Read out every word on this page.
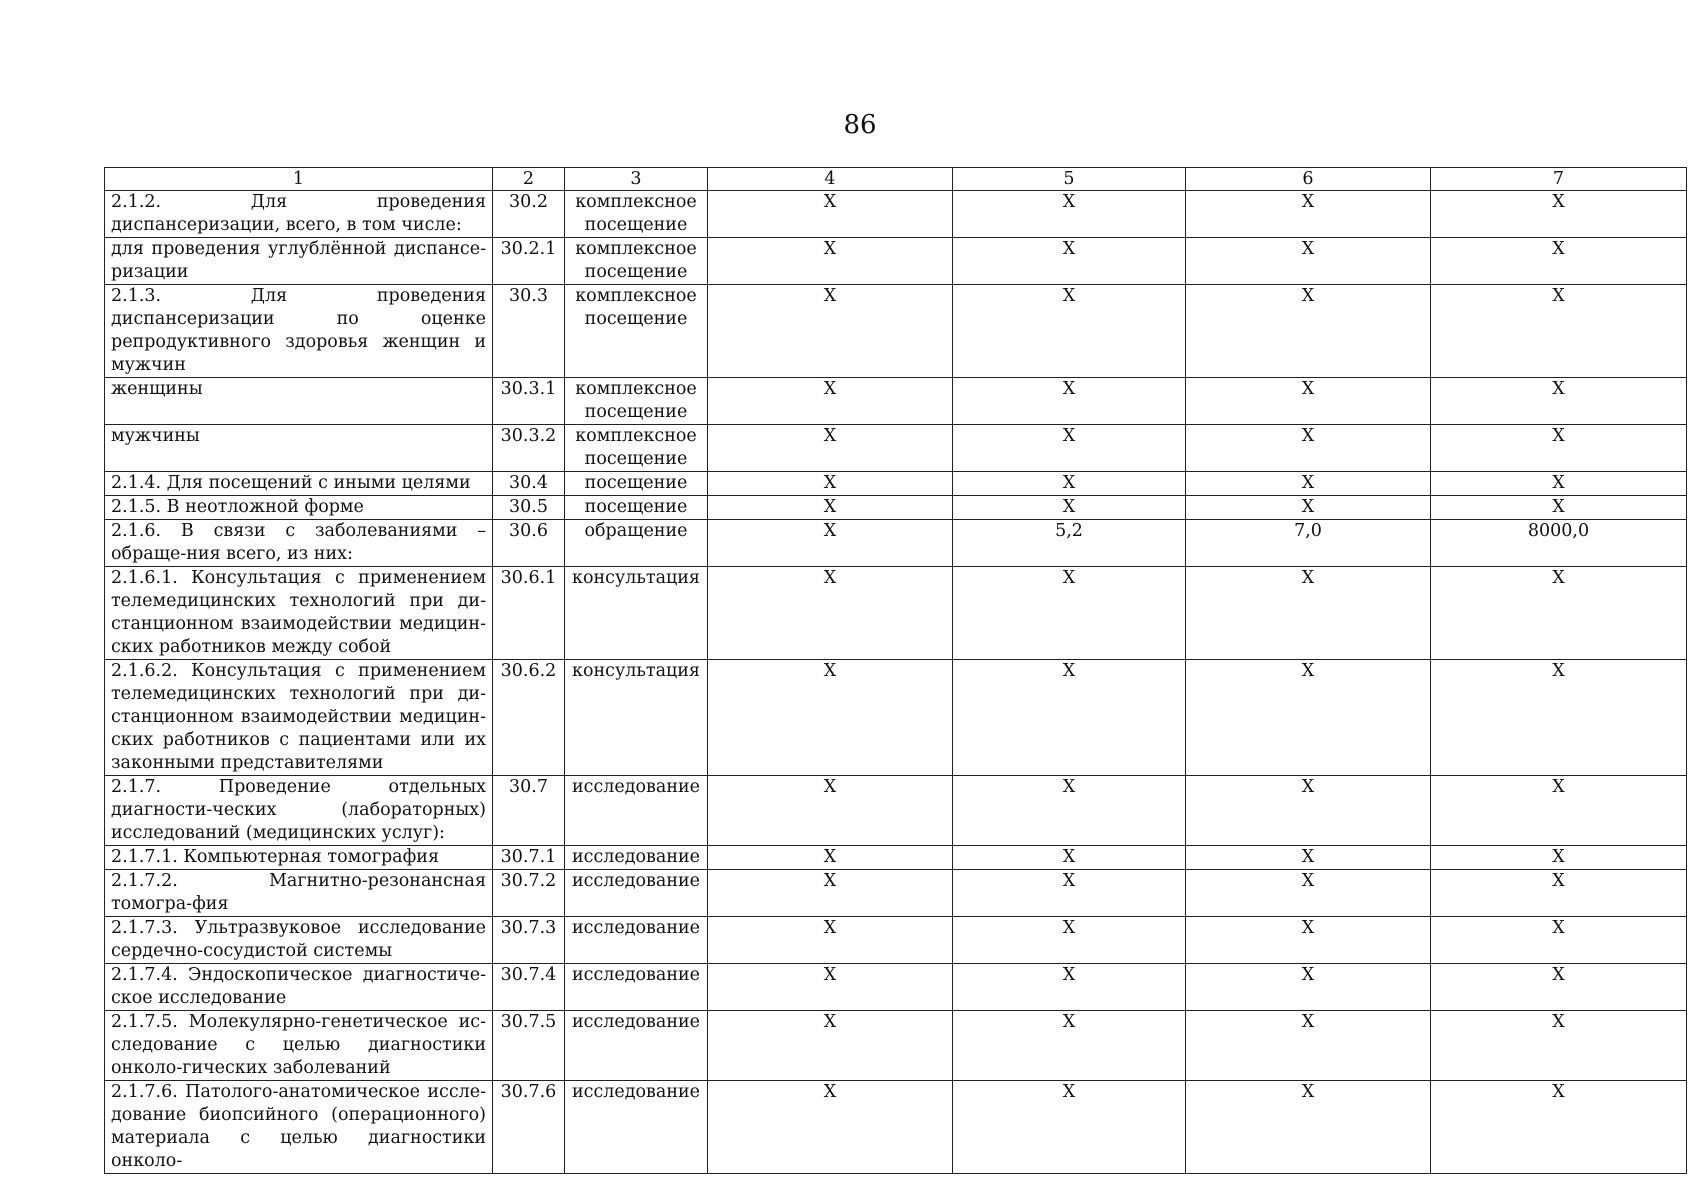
86
1	2	3	4	5	6	7
2.1.2. Для проведения диспансеризации, всего, в том числе:	30.2	комплексное посещение	X	X	X	X
для проведения углублённой диспансе-ризации	30.2.1	комплексное посещение	X	X	X	X
2.1.3. Для проведения диспансеризации по оценке репродуктивного здоровья женщин и мужчин	30.3	комплексное посещение	X	X	X	X
женщины	30.3.1	комплексное посещение	X	X	X	X
мужчины	30.3.2	комплексное посещение	X	X	X	X
2.1.4. Для посещений с иными целями	30.4	посещение	X	X	X	X
2.1.5. В неотложной форме	30.5	посещение	X	X	X	X
2.1.6. В связи с заболеваниями – обраще-ния всего, из них:	30.6	обращение	X	5,2	7,0	8000,0
2.1.6.1. Консультация с применением телемедицинских технологий при ди-станционном взаимодействии медицин-ских работников между собой	30.6.1	консультация	X	X	X	X
2.1.6.2. Консультация с применением телемедицинских технологий при ди-станционном взаимодействии медицин-ских работников с пациентами или их законными представителями	30.6.2	консультация	X	X	X	X
2.1.7. Проведение отдельных диагности-ческих (лабораторных) исследований (медицинских услуг):	30.7	исследование	X	X	X	X
2.1.7.1. Компьютерная томография	30.7.1	исследование	X	X	X	X
2.1.7.2. Магнитно-резонансная томогра-фия	30.7.2	исследование	X	X	X	X
2.1.7.3. Ультразвуковое исследование сердечно-сосудистой системы	30.7.3	исследование	X	X	X	X
2.1.7.4. Эндоскопическое диагностиче-ское исследование	30.7.4	исследование	X	X	X	X
2.1.7.5. Молекулярно-генетическое ис-следование с целью диагностики онколо-гических заболеваний	30.7.5	исследование	X	X	X	X
2.1.7.6. Патолого-анатомическое иссле-дование биопсийного (операционного) материала с целью диагностики онколо-	30.7.6	исследование	X	X	X	X
